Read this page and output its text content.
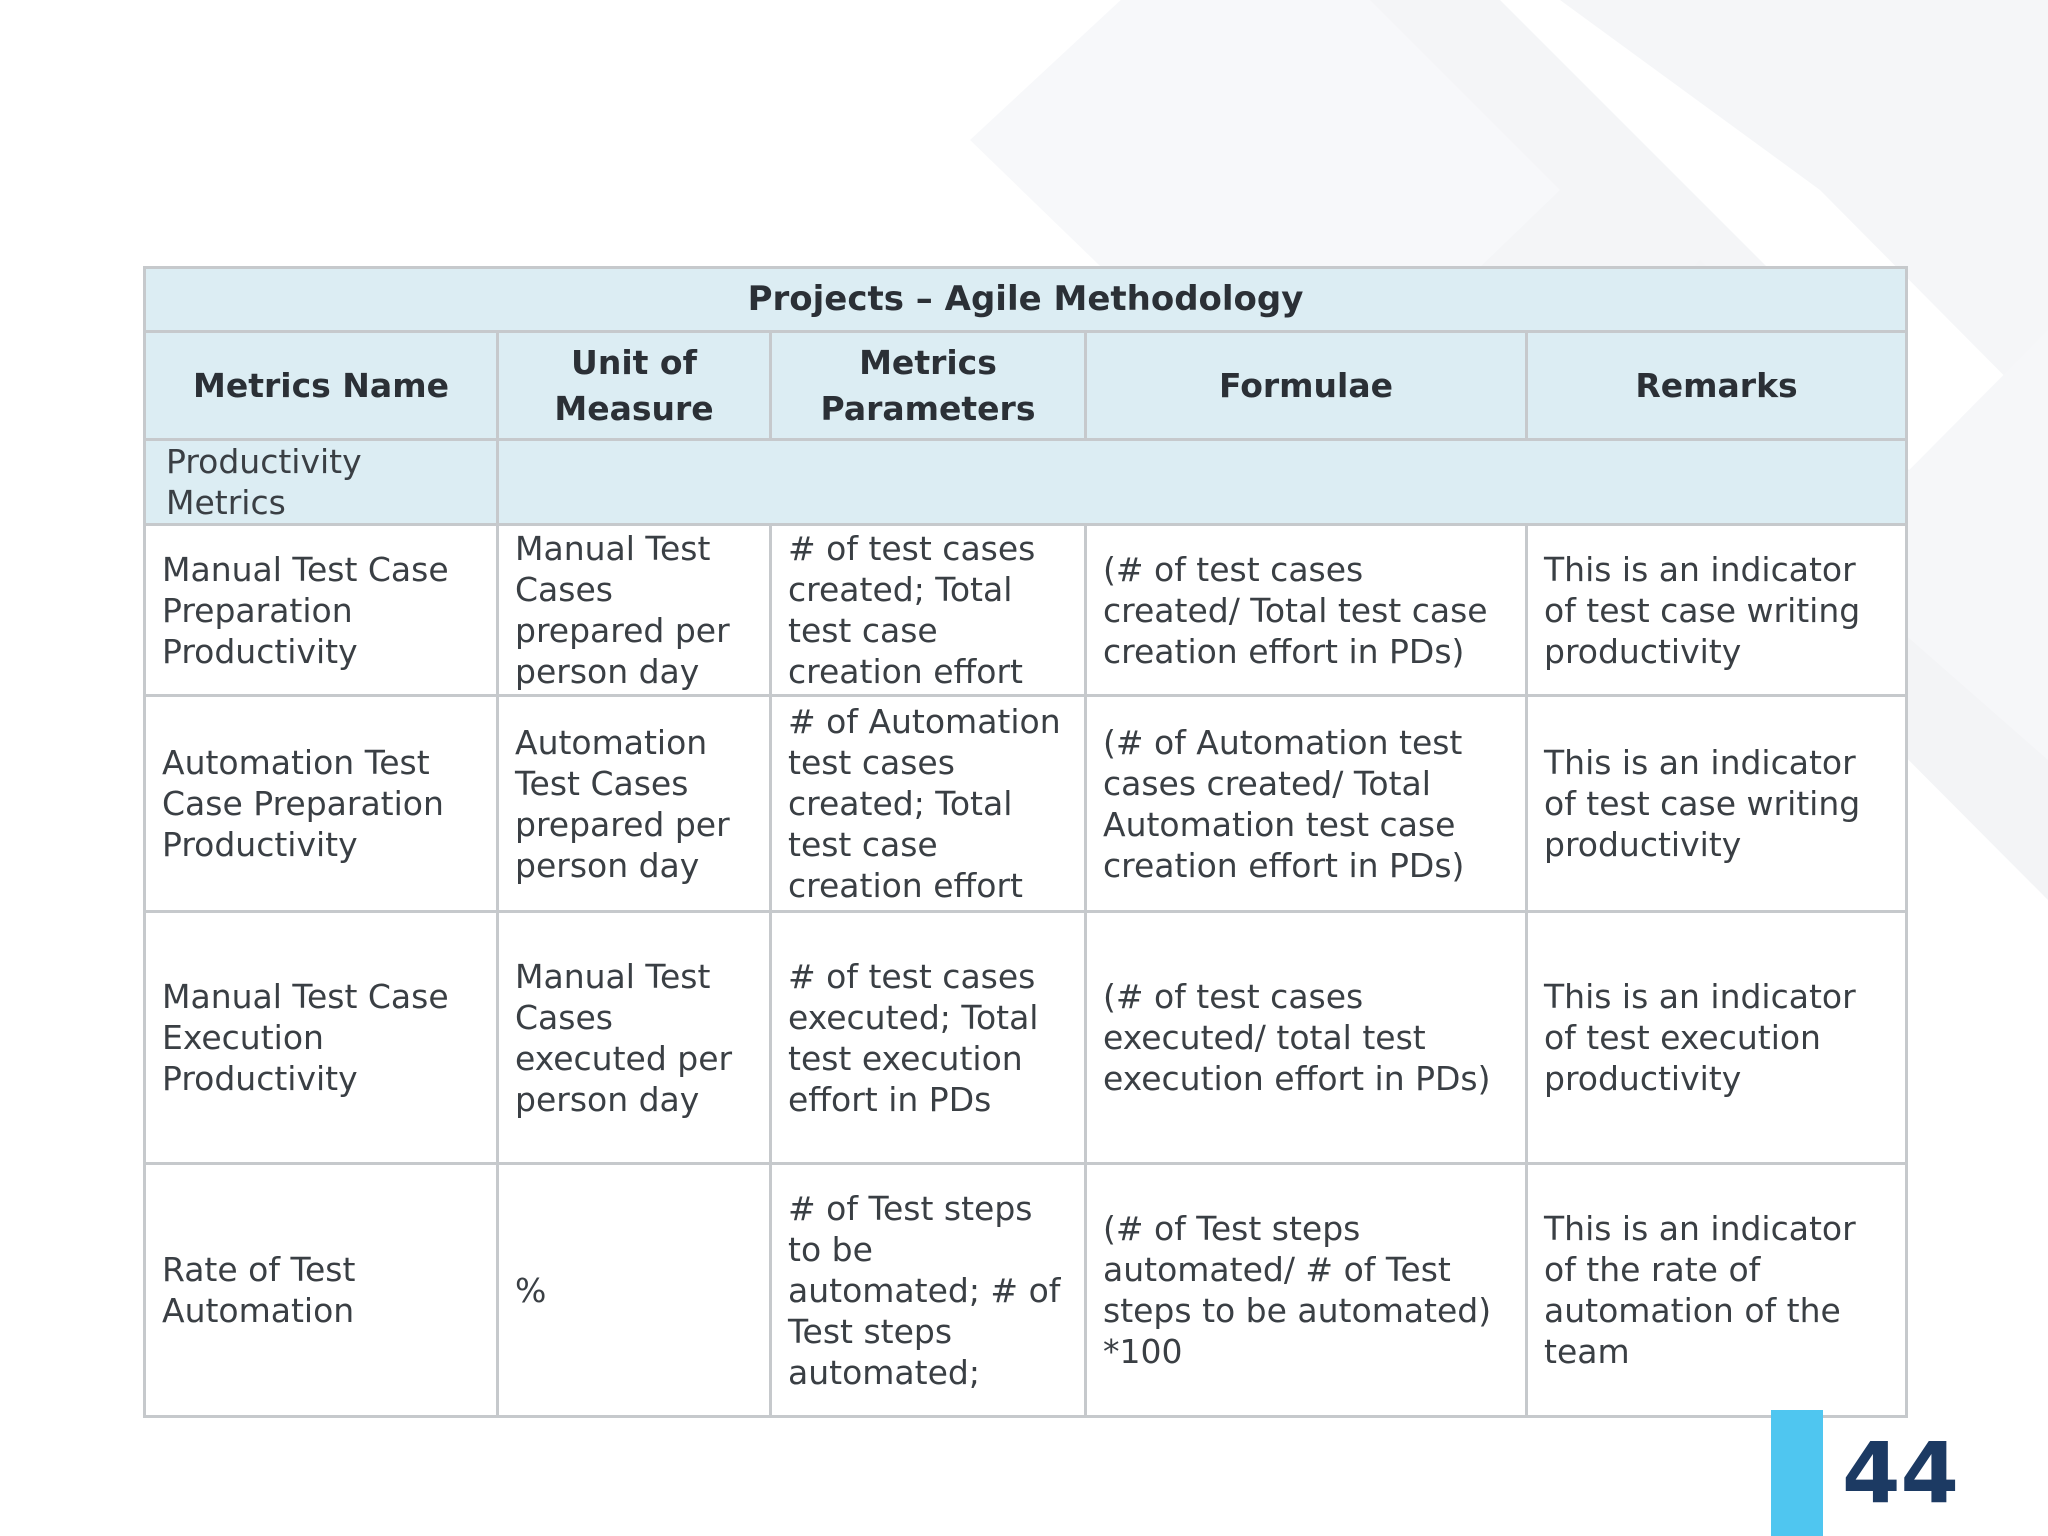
Projects – Agile Methodology				
Metrics Name	Unit of Measure	Metrics Parameters	Formulae	Remarks
Productivity Metrics				
Manual Test Case Preparation Productivity	Manual Test Cases prepared per person day	# of test cases created; Total test case creation effort	(# of test cases created/ Total test case creation effort in PDs)	This is an indicator of test case writing productivity
Automation Test Case Preparation Productivity	Automation Test Cases prepared per person day	# of Automation test cases created; Total test case creation effort	(# of Automation test cases created/ Total Automation test case creation effort in PDs)	This is an indicator of test case writing productivity
Manual Test Case Execution Productivity	Manual Test Cases executed per person day	# of test cases executed; Total test execution effort in PDs	(# of test cases executed/ total test execution effort in PDs)	This is an indicator of test execution productivity
Rate of Test Automation	%	# of Test steps to be automated; # of Test steps automated;	(# of Test steps automated/ # of Test steps to be automated) *100	This is an indicator of the rate of automation of the team
44
